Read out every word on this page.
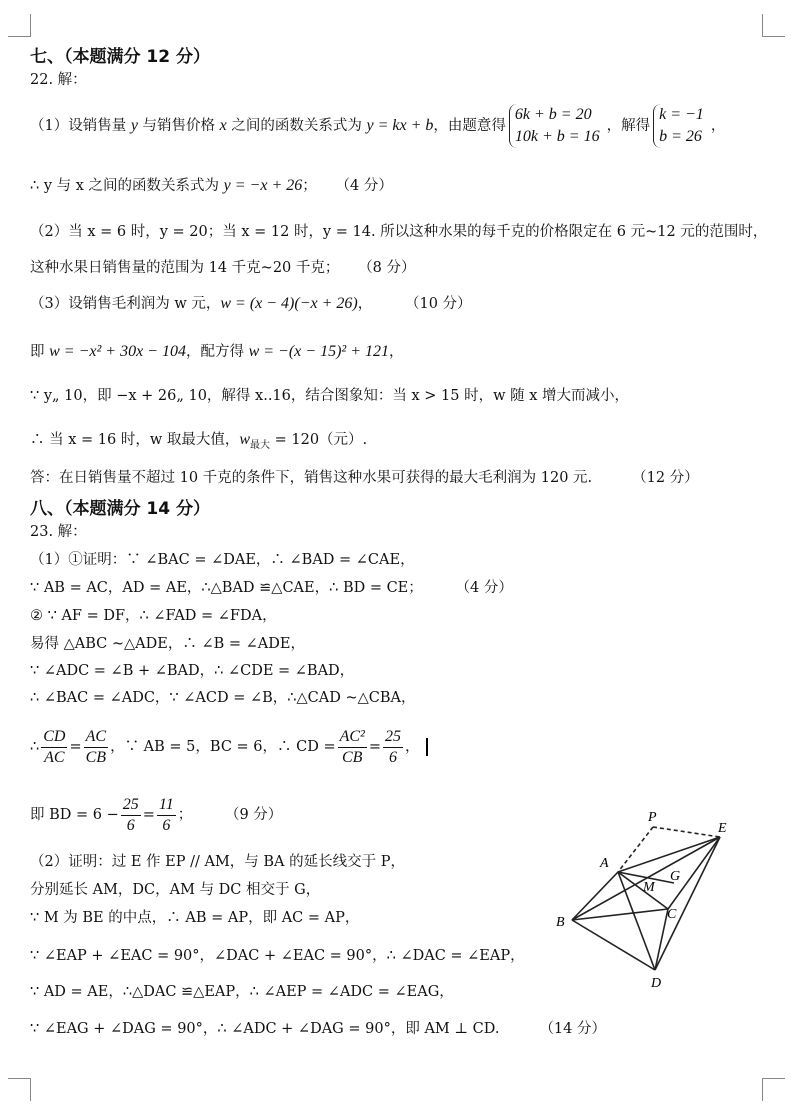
七、（本题满分 12 分）
22. 解：
（1）设销售量 y 与销售价格 x 之间的函数关系式为 y = kx + b，由题意得
6k + b = 20
10k + b = 16
，解得
k = −1
b = 26
，
∴ y 与 x 之间的函数关系式为 y = −x + 26； （4 分）
（2）当 x = 6 时，y = 20；当 x = 12 时，y = 14. 所以这种水果的每千克的价格限定在 6 元~12 元的范围时，
这种水果日销售量的范围为 14 千克~20 千克； （8 分）
（3）设销售毛利润为 w 元，w = (x − 4)(−x + 26)，	（10 分）
即 w = −x² + 30x − 104，配方得 w = −(x − 15)² + 121，
∵ y„ 10，即 −x + 26„ 10，解得 x..16，结合图象知：当 x > 15 时，w 随 x 增大而减小，
∴ 当 x = 16 时，w 取最大值，$w_{最大} = 120$（元）.
答：在日销售量不超过 10 千克的条件下，销售这种水果可获得的最大毛利润为 120 元.	（12 分）
八、（本题满分 14 分）
23. 解：
（1）①证明：∵ ∠BAC = ∠DAE，∴ ∠BAD = ∠CAE，
∵ AB = AC，AD = AE，∴△BAD ≌△CAE，∴ BD = CE；	（4 分）
② ∵ AF = DF，∴ ∠FAD = ∠FDA，
易得 △ABC ~△ADE，∴ ∠B = ∠ADE，
∵ ∠ADC = ∠B + ∠BAD，∴ ∠CDE = ∠BAD，
∴ ∠BAC = ∠ADC，∵ ∠ACD = ∠B，∴△CAD ~△CBA，
∴ $\frac{CD}{AC} = \frac{AC}{CB}$ ，∵ AB = 5，BC = 6，∴ CD = $\frac{\text{AC²}}{CB} = \frac{25}{6}$ ，
即 BD = $6 - \frac{25}{6} = \frac{11}{6}$ ；	（9 分）
（2）证明：过 E 作 EP // AM，与 BA 的延长线交于 P，
分别延长 AM，DC，AM 与 DC 相交于 G，
∵ M 为 BE 的中点，∴ AB = AP，即 AC = AP，
∵ ∠EAP + ∠EAC = 90°，∠DAC + ∠EAC = 90°，∴ ∠DAC = ∠EAP，
∵ AD = AE，∴△DAC ≌△EAP，∴ ∠AEP = ∠ADC = ∠EAG，
∵ ∠EAG + ∠DAG = 90°，∴ ∠ADC + ∠DAG = 90°，即 AM ⊥ CD.	（14 分）
P
E
A
M
G
B
C
D
